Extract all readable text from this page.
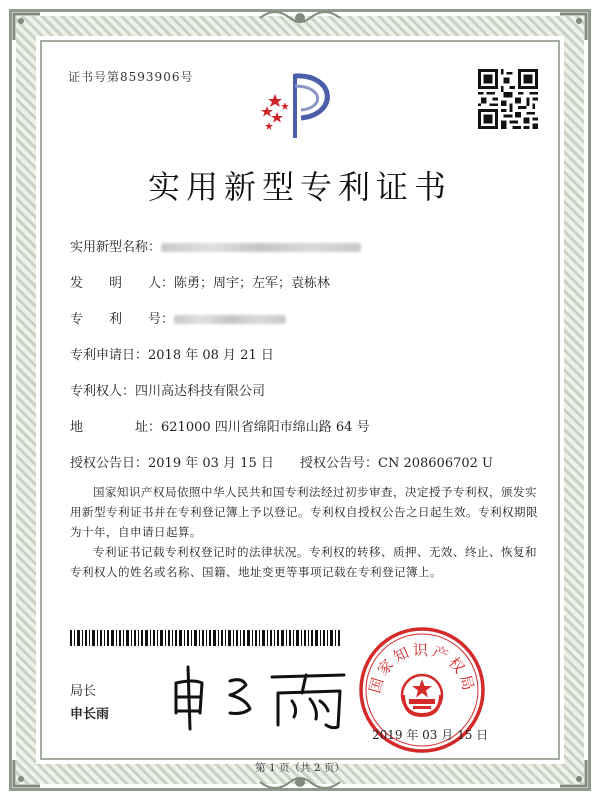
证书号第8593906号
实用新型专利证书
实用新型名称：
发　　明　　人：陈勇；周宇；左军；袁栋林
专　　利　　号：
专利申请日：2018 年 08 月 21 日
专利权人：四川高达科技有限公司
地　　　　址：621000 四川省绵阳市绵山路 64 号
授权公告日：2019 年 03 月 15 日 授权公告号：CN 208606702 U

国家知识产权局依照中华人民共和国专利法经过初步审查，决定授予专利权，颁发实用新型专利证书并在专利登记簿上予以登记。专利权自授权公告之日起生效。专利权期限为十年，自申请日起算。

专利证书记载专利权登记时的法律状况。专利权的转移、质押、无效、终止、恢复和专利权人的姓名或名称、国籍、地址变更等事项记载在专利登记簿上。

局长
申长雨
国家知识产权局
2019 年 03 月 15 日
第 1 页（共 2 页）
